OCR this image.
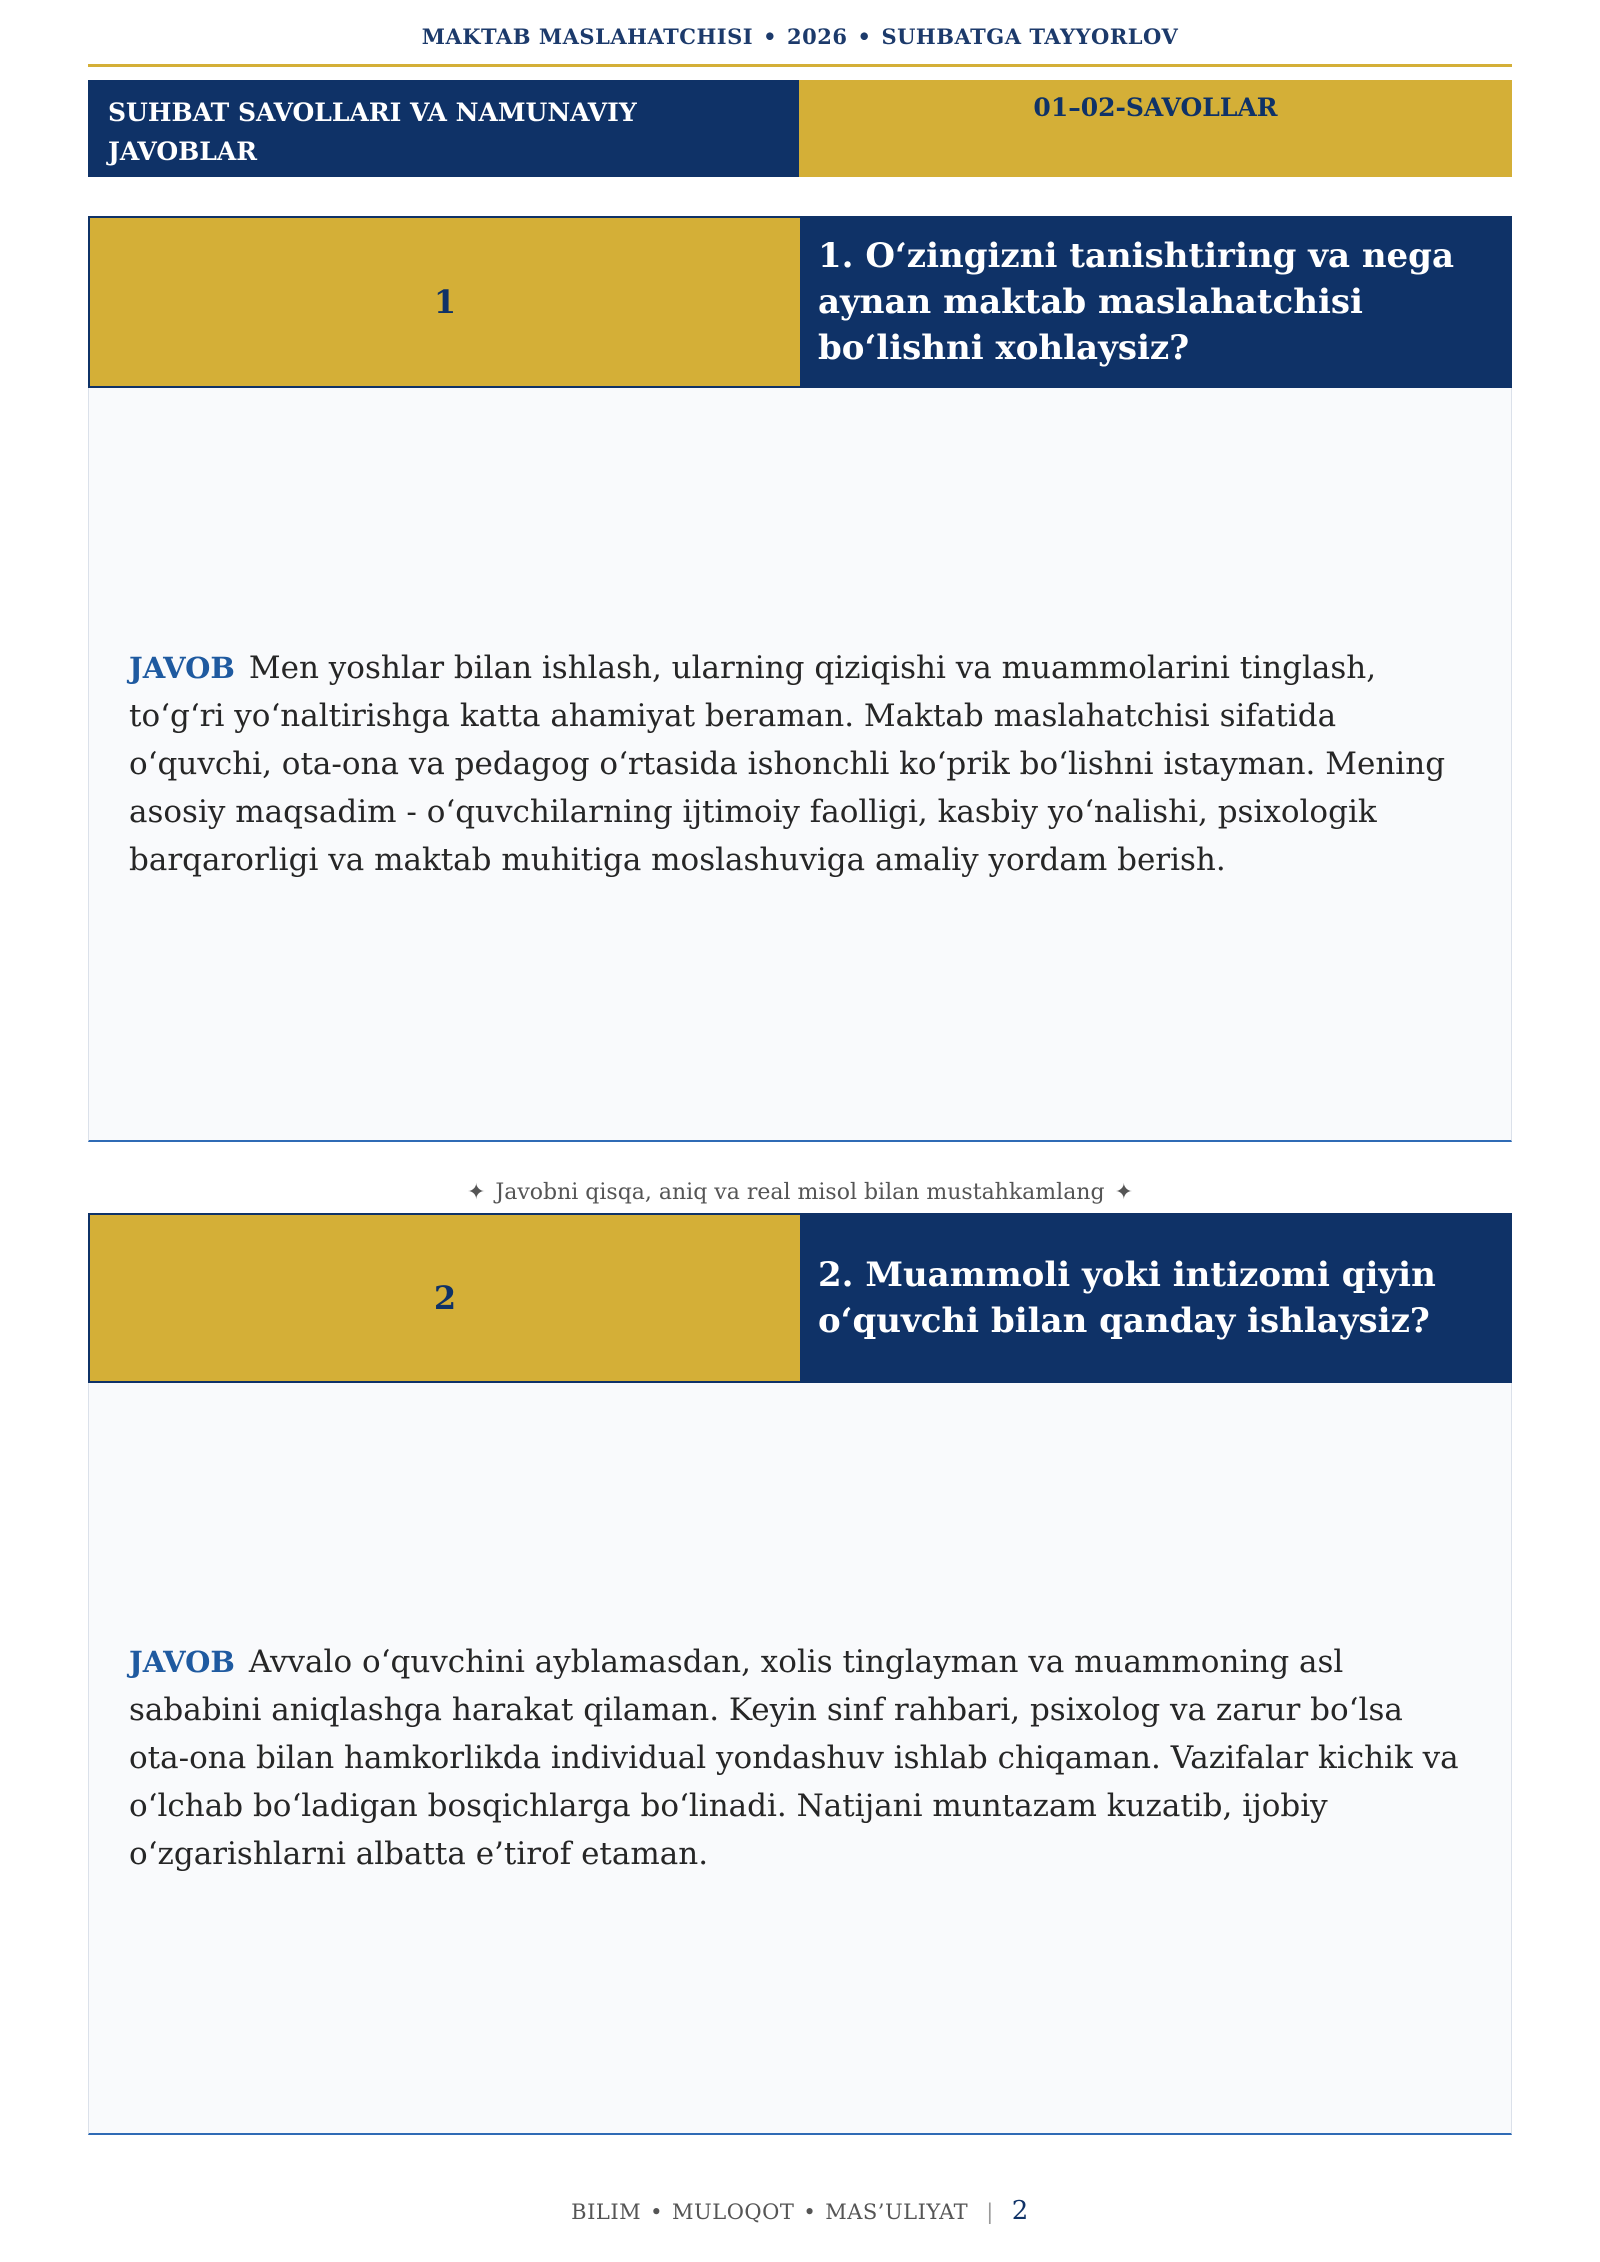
MAKTAB MASLAHATCHISI • 2026 • SUHBATGA TAYYORLOV
SUHBAT SAVOLLARI VA NAMUNAVIY JAVOBLAR
01–02-SAVOLLAR
1
1. O‘zingizni tanishtiring va nega aynan maktab maslahatchisi bo‘lishni xohlaysiz?
JAVOB Men yoshlar bilan ishlash, ularning qiziqishi va muammolarini tinglash, to‘g‘ri yo‘naltirishga katta ahamiyat beraman. Maktab maslahatchisi sifatida o‘quvchi, ota-ona va pedagog o‘rtasida ishonchli ko‘prik bo‘lishni istayman. Mening asosiy maqsadim - o‘quvchilarning ijtimoiy faolligi, kasbiy yo‘nalishi, psixologik barqarorligi va maktab muhitiga moslashuviga amaliy yordam berish.
✦ Javobni qisqa, aniq va real misol bilan mustahkamlang ✦
2
2. Muammoli yoki intizomi qiyin o‘quvchi bilan qanday ishlaysiz?
JAVOB Avvalo o‘quvchini ayblamasdan, xolis tinglayman va muammoning asl sababini aniqlashga harakat qilaman. Keyin sinf rahbari, psixolog va zarur bo‘lsa ota-ona bilan hamkorlikda individual yondashuv ishlab chiqaman. Vazifalar kichik va o‘lchab bo‘ladigan bosqichlarga bo‘linadi. Natijani muntazam kuzatib, ijobiy o‘zgarishlarni albatta e’tirof etaman.
BILIM • MULOQOT • MAS’ULIYAT | 2
